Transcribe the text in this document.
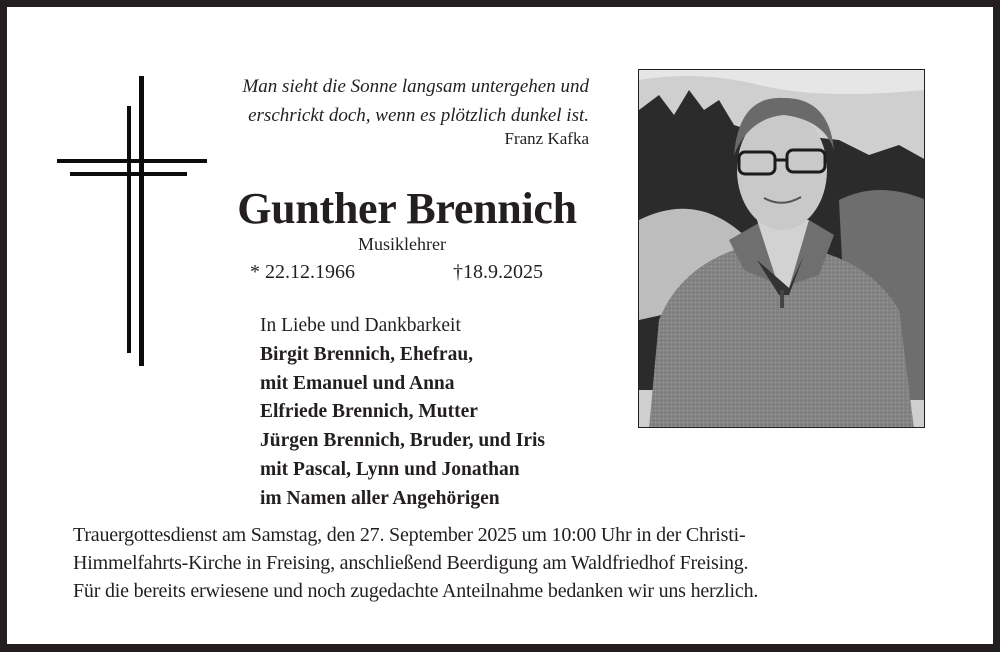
Man sieht die Sonne langsam untergehen und
erschrickt doch, wenn es plötzlich dunkel ist.
Franz Kafka
Gunther Brennich
Musiklehrer
* 22.12.1966	†18.9.2025
In Liebe und Dankbarkeit
Birgit Brennich, Ehefrau,
mit Emanuel und Anna
Elfriede Brennich, Mutter
Jürgen Brennich, Bruder, und Iris
mit Pascal, Lynn und Jonathan
im Namen aller Angehörigen
Trauergottesdienst am Samstag, den 27. September 2025 um 10:00 Uhr in der Christi-
Himmelfahrts-Kirche in Freising, anschließend Beerdigung am Waldfriedhof Freising.
Für die bereits erwiesene und noch zugedachte Anteilnahme bedanken wir uns herzlich.
